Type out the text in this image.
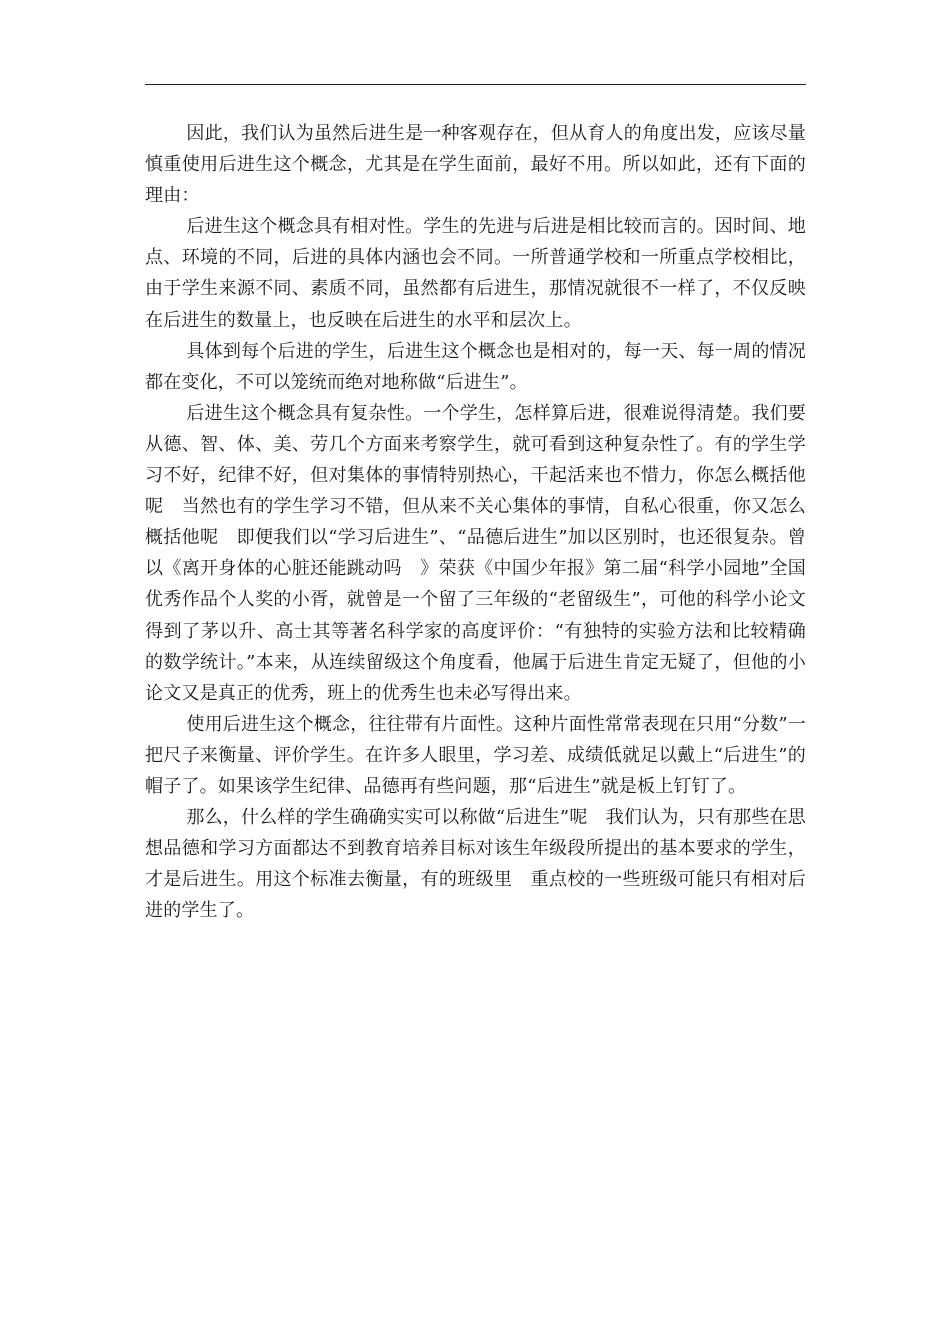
因此，我们认为虽然后进生是一种客观存在，但从育人的角度出发，应该尽量慎重使用后进生这个概念，尤其是在学生面前，最好不用。所以如此，还有下面的理由：

后进生这个概念具有相对性。学生的先进与后进是相比较而言的。因时间、地点、环境的不同，后进的具体内涵也会不同。一所普通学校和一所重点学校相比，由于学生来源不同、素质不同，虽然都有后进生，那情况就很不一样了，不仅反映在后进生的数量上，也反映在后进生的水平和层次上。

具体到每个后进的学生，后进生这个概念也是相对的，每一天、每一周的情况都在变化，不可以笼统而绝对地称做“后进生”。

后进生这个概念具有复杂性。一个学生，怎样算后进，很难说得清楚。我们要从德、智、体、美、劳几个方面来考察学生，就可看到这种复杂性了。有的学生学习不好，纪律不好，但对集体的事情特别热心，干起活来也不惜力，你怎么概括他呢　当然也有的学生学习不错，但从来不关心集体的事情，自私心很重，你又怎么概括他呢　即便我们以“学习后进生”、“品德后进生”加以区别时，也还很复杂。曾以《离开身体的心脏还能跳动吗　》荣获《中国少年报》第二届“科学小园地”全国优秀作品个人奖的小胥，就曾是一个留了三年级的“老留级生”，可他的科学小论文得到了茅以升、高士其等著名科学家的高度评价：“有独特的实验方法和比较精确的数学统计。”本来，从连续留级这个角度看，他属于后进生肯定无疑了，但他的小论文又是真正的优秀，班上的优秀生也未必写得出来。

使用后进生这个概念，往往带有片面性。这种片面性常常表现在只用“分数”一把尺子来衡量、评价学生。在许多人眼里，学习差、成绩低就足以戴上“后进生”的帽子了。如果该学生纪律、品德再有些问题，那“后进生”就是板上钉钉了。

那么，什么样的学生确确实实可以称做“后进生”呢　我们认为，只有那些在思想品德和学习方面都达不到教育培养目标对该生年级段所提出的基本要求的学生，才是后进生。用这个标准去衡量，有的班级里　重点校的一些班级可能只有相对后进的学生了。
